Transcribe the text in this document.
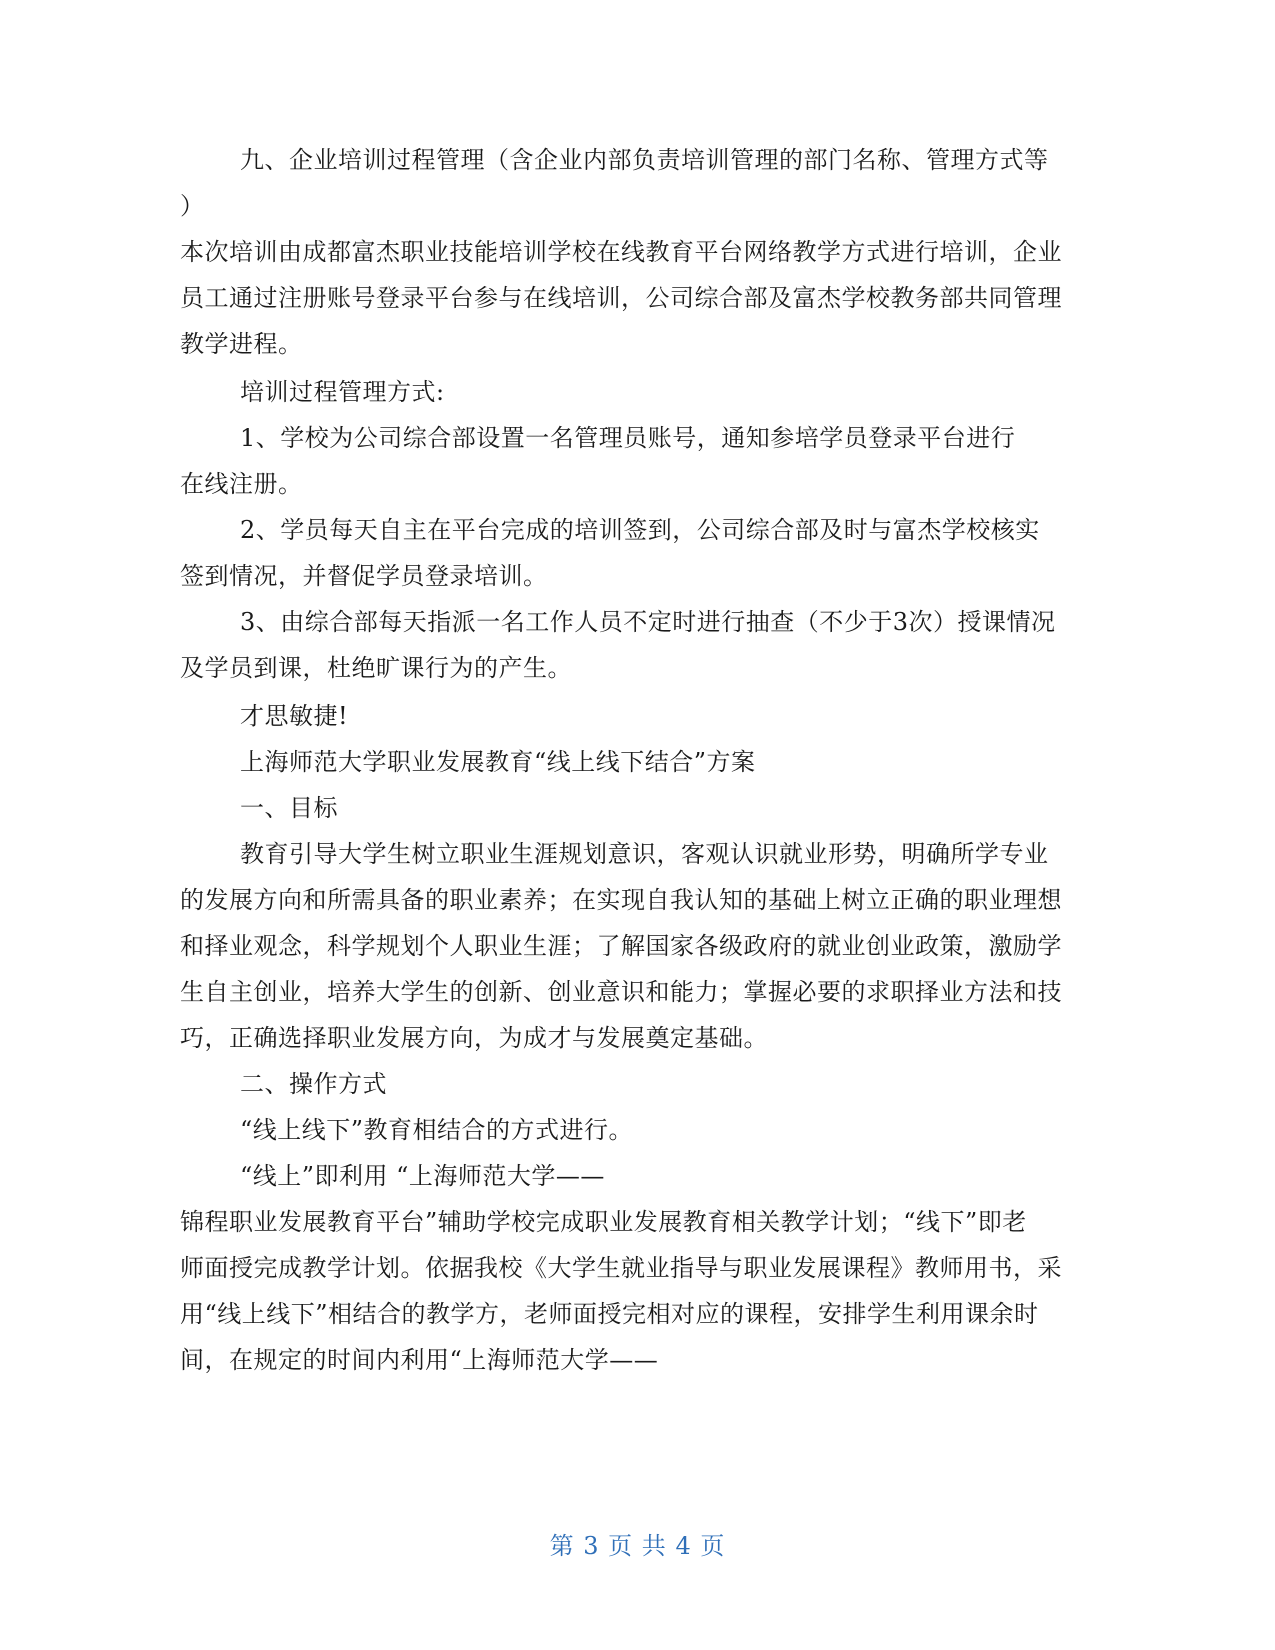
九、企业培训过程管理（含企业内部负责培训管理的部门名称、管理方式等
）
本次培训由成都富杰职业技能培训学校在线教育平台网络教学方式进行培训，企业
员工通过注册账号登录平台参与在线培训，公司综合部及富杰学校教务部共同管理
教学进程。
培训过程管理方式:
1、学校为公司综合部设置一名管理员账号，通知参培学员登录平台进行
在线注册。
2、学员每天自主在平台完成的培训签到，公司综合部及时与富杰学校核实
签到情况，并督促学员登录培训。
3、由综合部每天指派一名工作人员不定时进行抽查（不少于3次）授课情况
及学员到课，杜绝旷课行为的产生。
才思敏捷!
上海师范大学职业发展教育“线上线下结合”方案
一、目标
教育引导大学生树立职业生涯规划意识，客观认识就业形势，明确所学专业
的发展方向和所需具备的职业素养；在实现自我认知的基础上树立正确的职业理想
和择业观念，科学规划个人职业生涯；了解国家各级政府的就业创业政策，激励学
生自主创业，培养大学生的创新、创业意识和能力；掌握必要的求职择业方法和技
巧，正确选择职业发展方向，为成才与发展奠定基础。
二、操作方式
“线上线下”教育相结合的方式进行。
“线上”即利用 “上海师范大学——
锦程职业发展教育平台”辅助学校完成职业发展教育相关教学计划；“线下”即老
师面授完成教学计划。依据我校《大学生就业指导与职业发展课程》教师用书，采
用“线上线下”相结合的教学方，老师面授完相对应的课程，安排学生利用课余时
间，在规定的时间内利用“上海师范大学——
第 3 页 共 4 页
